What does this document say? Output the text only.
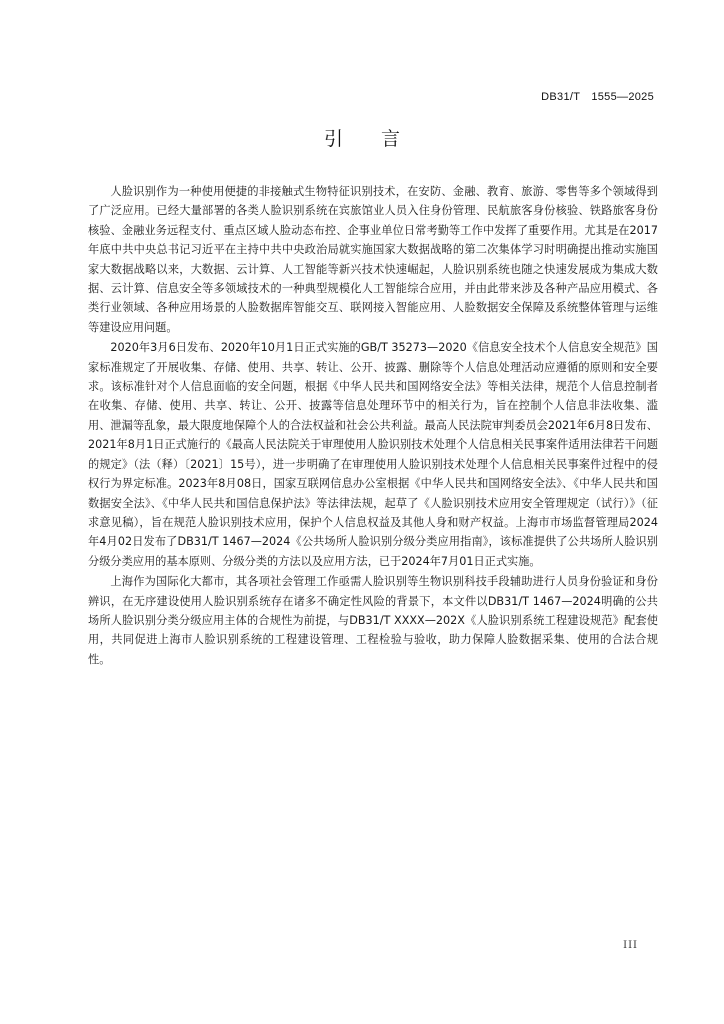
DB31/T　1555—2025
引言

人脸识别作为一种使用便捷的非接触式生物特征识别技术，在安防、金融、教育、旅游、零售等多个领域得到了广泛应用。已经大量部署的各类人脸识别系统在宾旅馆业人员入住身份管理、民航旅客身份核验、铁路旅客身份核验、金融业务远程支付、重点区域人脸动态布控、企事业单位日常考勤等工作中发挥了重要作用。尤其是在2017年底中共中央总书记习近平在主持中共中央政治局就实施国家大数据战略的第二次集体学习时明确提出推动实施国家大数据战略以来，大数据、云计算、人工智能等新兴技术快速崛起，人脸识别系统也随之快速发展成为集成大数据、云计算、信息安全等多领域技术的一种典型规模化人工智能综合应用，并由此带来涉及各种产品应用模式、各类行业领域、各种应用场景的人脸数据库智能交互、联网接入智能应用、人脸数据安全保障及系统整体管理与运维等建设应用问题。

2020年3月6日发布、2020年10月1日正式实施的GB/T 35273—2020《信息安全技术个人信息安全规范》国家标准规定了开展收集、存储、使用、共享、转让、公开、披露、删除等个人信息处理活动应遵循的原则和安全要求。该标准针对个人信息面临的安全问题，根据《中华人民共和国网络安全法》等相关法律，规范个人信息控制者在收集、存储、使用、共享、转让、公开、披露等信息处理环节中的相关行为，旨在控制个人信息非法收集、滥用、泄漏等乱象，最大限度地保障个人的合法权益和社会公共利益。最高人民法院审判委员会2021年6月8日发布、2021年8月1日正式施行的《最高人民法院关于审理使用人脸识别技术处理个人信息相关民事案件适用法律若干问题的规定》（法（释）〔2021〕15号），进一步明确了在审理使用人脸识别技术处理个人信息相关民事案件过程中的侵权行为界定标准。2023年8月08日，国家互联网信息办公室根据《中华人民共和国网络安全法》、《中华人民共和国数据安全法》、《中华人民共和国信息保护法》等法律法规，起草了《人脸识别技术应用安全管理规定（试行）》（征求意见稿），旨在规范人脸识别技术应用，保护个人信息权益及其他人身和财产权益。上海市市场监督管理局2024年4月02日发布了DB31/T 1467—2024《公共场所人脸识别分级分类应用指南》，该标准提供了公共场所人脸识别分级分类应用的基本原则、分级分类的方法以及应用方法，已于2024年7月01日正式实施。

上海作为国际化大都市，其各项社会管理工作亟需人脸识别等生物识别科技手段辅助进行人员身份验证和身份辨识，在无序建设使用人脸识别系统存在诸多不确定性风险的背景下，本文件以DB31/T 1467—2024明确的公共场所人脸识别分类分级应用主体的合规性为前提，与DB31/T XXXX—202X《人脸识别系统工程建设规范》配套使用，共同促进上海市人脸识别系统的工程建设管理、工程检验与验收，助力保障人脸数据采集、使用的合法合规性。

III
